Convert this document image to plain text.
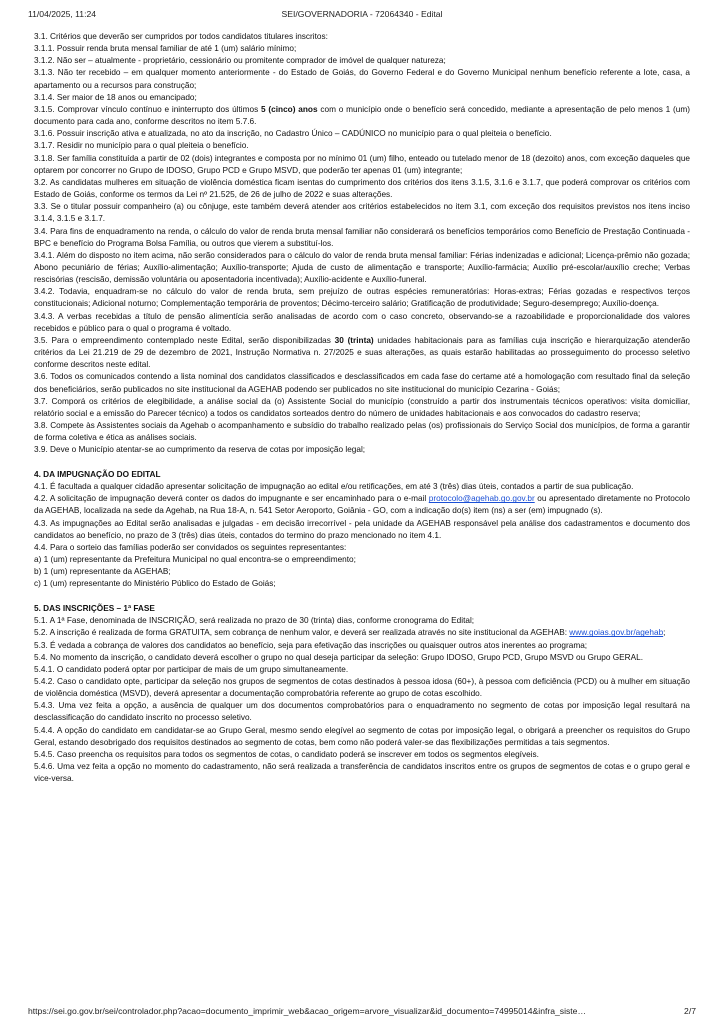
11/04/2025, 11:24	SEI/GOVERNADORIA - 72064340 - Edital

3.1. Critérios que deverão ser cumpridos por todos candidatos titulares inscritos:

3.1.1. Possuir renda bruta mensal familiar de até 1 (um) salário mínimo;

3.1.2. Não ser – atualmente - proprietário, cessionário ou promitente comprador de imóvel de qualquer natureza;

3.1.3. Não ter recebido – em qualquer momento anteriormente - do Estado de Goiás, do Governo Federal e do Governo Municipal nenhum benefício referente a lote, casa, a apartamento ou a recursos para construção;

3.1.4. Ser maior de 18 anos ou emancipado;

3.1.5. Comprovar vínculo contínuo e ininterrupto dos últimos 5 (cinco) anos com o município onde o benefício será concedido, mediante a apresentação de pelo menos 1 (um) documento para cada ano, conforme descritos no item 5.7.6.

3.1.6. Possuir inscrição ativa e atualizada, no ato da inscrição, no Cadastro Único – CADÚNICO no município para o qual pleiteia o benefício.

3.1.7. Residir no município para o qual pleiteia o benefício.

3.1.8. Ser família constituída a partir de 02 (dois) integrantes e composta por no mínimo 01 (um) filho, enteado ou tutelado menor de 18 (dezoito) anos, com exceção daqueles que optarem por concorrer no Grupo de IDOSO, Grupo PCD e Grupo MSVD, que poderão ter apenas 01 (um) integrante;

3.2. As candidatas mulheres em situação de violência doméstica ficam isentas do cumprimento dos critérios dos itens 3.1.5, 3.1.6 e 3.1.7, que poderá comprovar os critérios com Estado de Goiás, conforme os termos da Lei nº 21.525, de 26 de julho de 2022 e suas alterações.

3.3. Se o titular possuir companheiro (a) ou cônjuge, este também deverá atender aos critérios estabelecidos no item 3.1, com exceção dos requisitos previstos nos itens inciso 3.1.4, 3.1.5 e 3.1.7.

3.4. Para fins de enquadramento na renda, o cálculo do valor de renda bruta mensal familiar não considerará os benefícios temporários como Benefício de Prestação Continuada - BPC e benefício do Programa Bolsa Família, ou outros que vierem a substituí-los.

3.4.1. Além do disposto no item acima, não serão considerados para o cálculo do valor de renda bruta mensal familiar: Férias indenizadas e adicional; Licença-prêmio não gozada; Abono pecuniário de férias; Auxílio-alimentação; Auxílio-transporte; Ajuda de custo de alimentação e transporte; Auxílio-farmácia; Auxílio pré-escolar/auxílio creche; Verbas rescisórias (rescisão, demissão voluntária ou aposentadoria incentivada); Auxílio-acidente e Auxílio-funeral.

3.4.2. Todavia, enquadram-se no cálculo do valor de renda bruta, sem prejuízo de outras espécies remuneratórias: Horas-extras; Férias gozadas e respectivos terços constitucionais; Adicional noturno; Complementação temporária de proventos; Décimo-terceiro salário; Gratificação de produtividade; Seguro-desemprego; Auxílio-doença.

3.4.3. A verbas recebidas a título de pensão alimentícia serão analisadas de acordo com o caso concreto, observando-se a razoabilidade e proporcionalidade dos valores recebidos e público para o qual o programa é voltado.

3.5. Para o empreendimento contemplado neste Edital, serão disponibilizadas 30 (trinta) unidades habitacionais para as famílias cuja inscrição e hierarquização atenderão critérios da Lei 21.219 de 29 de dezembro de 2021, Instrução Normativa n. 27/2025 e suas alterações, as quais estarão habilitadas ao prosseguimento do processo seletivo conforme descritos neste edital.

3.6. Todos os comunicados contendo a lista nominal dos candidatos classificados e desclassificados em cada fase do certame até a homologação com resultado final da seleção dos beneficiários, serão publicados no site institucional da AGEHAB podendo ser publicados no site institucional do município Cezarina - Goiás;

3.7. Comporá os critérios de elegibilidade, a análise social da (o) Assistente Social do município (construído a partir dos instrumentais técnicos operativos: visita domiciliar, relatório social e a emissão do Parecer técnico) a todos os candidatos sorteados dentro do número de unidades habitacionais e aos convocados do cadastro reserva;

3.8. Compete às Assistentes sociais da Agehab o acompanhamento e subsídio do trabalho realizado pelas (os) profissionais do Serviço Social dos municípios, de forma a garantir de forma coletiva e ética as análises sociais.

3.9. Deve o Município atentar-se ao cumprimento da reserva de cotas por imposição legal;

4. DA IMPUGNAÇÃO DO EDITAL

4.1. É facultada a qualquer cidadão apresentar solicitação de impugnação ao edital e/ou retificações, em até 3 (três) dias úteis, contados a partir de sua publicação.

4.2. A solicitação de impugnação deverá conter os dados do impugnante e ser encaminhado para o e-mail protocolo@agehab.go.gov.br ou apresentado diretamente no Protocolo da AGEHAB, localizada na sede da Agehab, na Rua 18-A, n. 541 Setor Aeroporto, Goiânia - GO, com a indicação do(s) item (ns) a ser (em) impugnado (s).

4.3. As impugnações ao Edital serão analisadas e julgadas - em decisão irrecorrível - pela unidade da AGEHAB responsável pela análise dos cadastramentos e documento dos candidatos ao benefício, no prazo de 3 (três) dias úteis, contados do termino do prazo mencionado no item 4.1.

4.4. Para o sorteio das famílias poderão ser convidados os seguintes representantes:

a) 1 (um) representante da Prefeitura Municipal no qual encontra-se o empreendimento;

b) 1 (um) representante da AGEHAB;

c) 1 (um) representante do Ministério Público do Estado de Goiás;

5. DAS INSCRIÇÕES – 1ª FASE

5.1. A 1ª Fase, denominada de INSCRIÇÃO, será realizada no prazo de 30 (trinta) dias, conforme cronograma do Edital;

5.2. A inscrição é realizada de forma GRATUITA, sem cobrança de nenhum valor, e deverá ser realizada através no site institucional da AGEHAB: www.goias.gov.br/agehab;

5.3. É vedada a cobrança de valores dos candidatos ao benefício, seja para efetivação das inscrições ou quaisquer outros atos inerentes ao programa;

5.4. No momento da inscrição, o candidato deverá escolher o grupo no qual deseja participar da seleção: Grupo IDOSO, Grupo PCD, Grupo MSVD ou Grupo GERAL.

5.4.1. O candidato poderá optar por participar de mais de um grupo simultaneamente.

5.4.2. Caso o candidato opte, participar da seleção nos grupos de segmentos de cotas destinados à pessoa idosa (60+), à pessoa com deficiência (PCD) ou à mulher em situação de violência doméstica (MSVD), deverá apresentar a documentação comprobatória referente ao grupo de cotas escolhido.

5.4.3. Uma vez feita a opção, a ausência de qualquer um dos documentos comprobatórios para o enquadramento no segmento de cotas por imposição legal resultará na desclassificação do candidato inscrito no processo seletivo.

5.4.4. A opção do candidato em candidatar-se ao Grupo Geral, mesmo sendo elegível ao segmento de cotas por imposição legal, o obrigará a preencher os requisitos do Grupo Geral, estando desobrigado dos requisitos destinados ao segmento de cotas, bem como não poderá valer-se das flexibilizações permitidas a tais segmentos.

5.4.5. Caso preencha os requisitos para todos os segmentos de cotas, o candidato poderá se inscrever em todos os segmentos elegíveis.

5.4.6. Uma vez feita a opção no momento do cadastramento, não será realizada a transferência de candidatos inscritos entre os grupos de segmentos de cotas e o grupo geral e vice-versa.

https://sei.go.gov.br/sei/controlador.php?acao=documento_imprimir_web&acao_origem=arvore_visualizar&id_documento=74995014&infra_siste…	2/7
